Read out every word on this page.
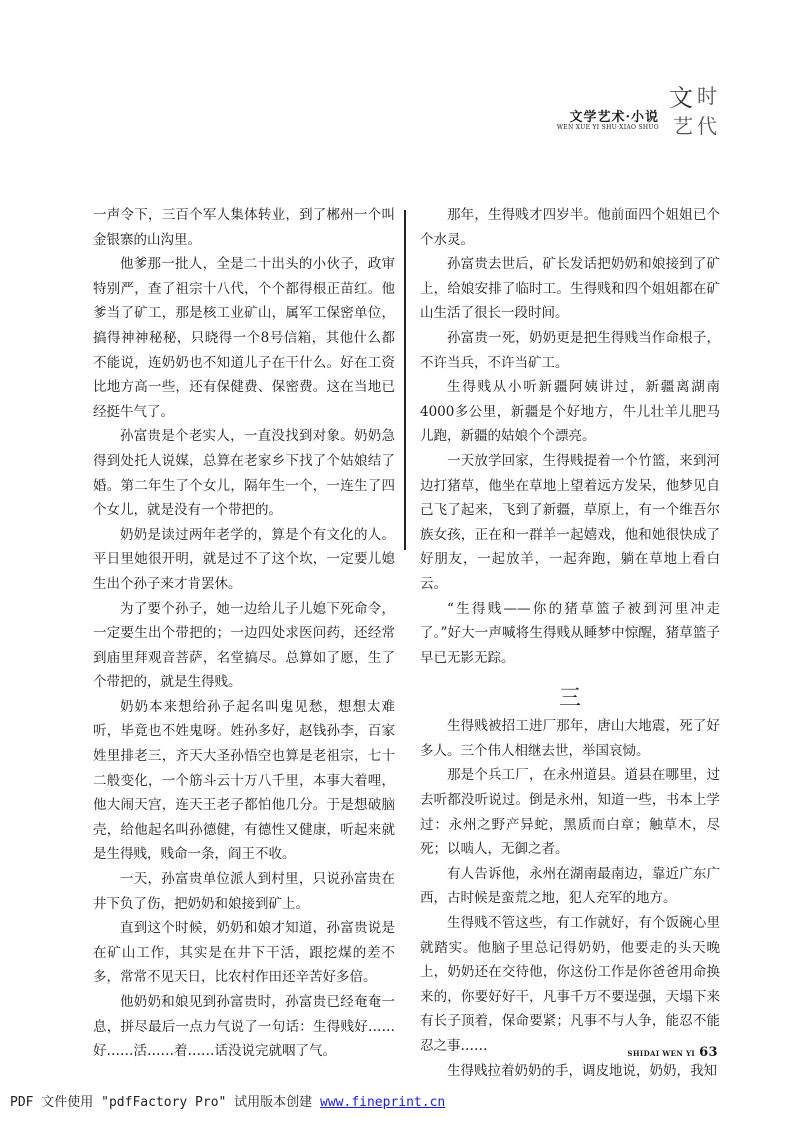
文学艺术·小说
WEN XUE YI SHU·XIAO SHUO
文 时
艺 代

一声令下，三百个军人集体转业，到了郴州一个叫金银寨的山沟里。

他爹那一批人，全是二十出头的小伙子，政审特别严，查了祖宗十八代，个个都得根正苗红。他爹当了矿工，那是核工业矿山，属军工保密单位，搞得神神秘秘，只晓得一个8号信箱，其他什么都不能说，连奶奶也不知道儿子在干什么。好在工资比地方高一些，还有保健费、保密费。这在当地已经挺牛气了。

孙富贵是个老实人，一直没找到对象。奶奶急得到处托人说媒，总算在老家乡下找了个姑娘结了婚。第二年生了个女儿，隔年生一个，一连生了四个女儿，就是没有一个带把的。

奶奶是读过两年老学的，算是个有文化的人。平日里她很开明，就是过不了这个坎，一定要儿媳生出个孙子来才肯罢休。

为了要个孙子，她一边给儿子儿媳下死命令，一定要生出个带把的；一边四处求医问药，还经常到庙里拜观音菩萨，名堂搞尽。总算如了愿，生了个带把的，就是生得贱。

奶奶本来想给孙子起名叫鬼见愁，想想太难听，毕竟也不姓鬼呀。姓孙多好，赵钱孙李，百家姓里排老三，齐天大圣孙悟空也算是老祖宗，七十二般变化，一个筋斗云十万八千里，本事大着哩，他大闹天宫，连天王老子都怕他几分。于是想破脑壳，给他起名叫孙德健，有德性又健康，听起来就是生得贱，贱命一条，阎王不收。

一天，孙富贵单位派人到村里，只说孙富贵在井下负了伤，把奶奶和娘接到矿上。

直到这个时候，奶奶和娘才知道，孙富贵说是在矿山工作，其实是在井下干活，跟挖煤的差不多，常常不见天日，比农村作田还辛苦好多倍。

他奶奶和娘见到孙富贵时，孙富贵已经奄奄一息，拼尽最后一点力气说了一句话：生得贱好……好……活……着……话没说完就咽了气。

那年，生得贱才四岁半。他前面四个姐姐已个个水灵。

孙富贵去世后，矿长发话把奶奶和娘接到了矿上，给娘安排了临时工。生得贱和四个姐姐都在矿山生活了很长一段时间。

孙富贵一死，奶奶更是把生得贱当作命根子，不许当兵，不许当矿工。

生得贱从小听新疆阿姨讲过，新疆离湖南4000多公里，新疆是个好地方，牛儿壮羊儿肥马儿跑，新疆的姑娘个个漂亮。

一天放学回家，生得贱提着一个竹篮，来到河边打猪草，他坐在草地上望着远方发呆，他梦见自己飞了起来，飞到了新疆，草原上，有一个维吾尔族女孩，正在和一群羊一起嬉戏，他和她很快成了好朋友，一起放羊，一起奔跑，躺在草地上看白云。

“生得贱——你的猪草篮子被到河里冲走了。”好大一声喊将生得贱从睡梦中惊醒，猪草篮子早已无影无踪。

三

生得贱被招工进厂那年，唐山大地震，死了好多人。三个伟人相继去世，举国哀恸。

那是个兵工厂，在永州道县。道县在哪里，过去听都没听说过。倒是永州，知道一些，书本上学过：永州之野产异蛇，黑质而白章；触草木，尽死；以啮人，无御之者。

有人告诉他，永州在湖南最南边，靠近广东广西，古时候是蛮荒之地，犯人充军的地方。

生得贱不管这些，有工作就好，有个饭碗心里就踏实。他脑子里总记得奶奶，他要走的头天晚上，奶奶还在交待他，你这份工作是你爸爸用命换来的，你要好好干，凡事千万不要逞强，天塌下来有长子顶着，保命要紧；凡事不与人争，能忍不能忍之事……

生得贱拉着奶奶的手，调皮地说，奶奶，我知

SHIDAI WEN YI 63
PDF 文件使用 "pdfFactory Pro" 试用版本创建 www.fineprint.cn
